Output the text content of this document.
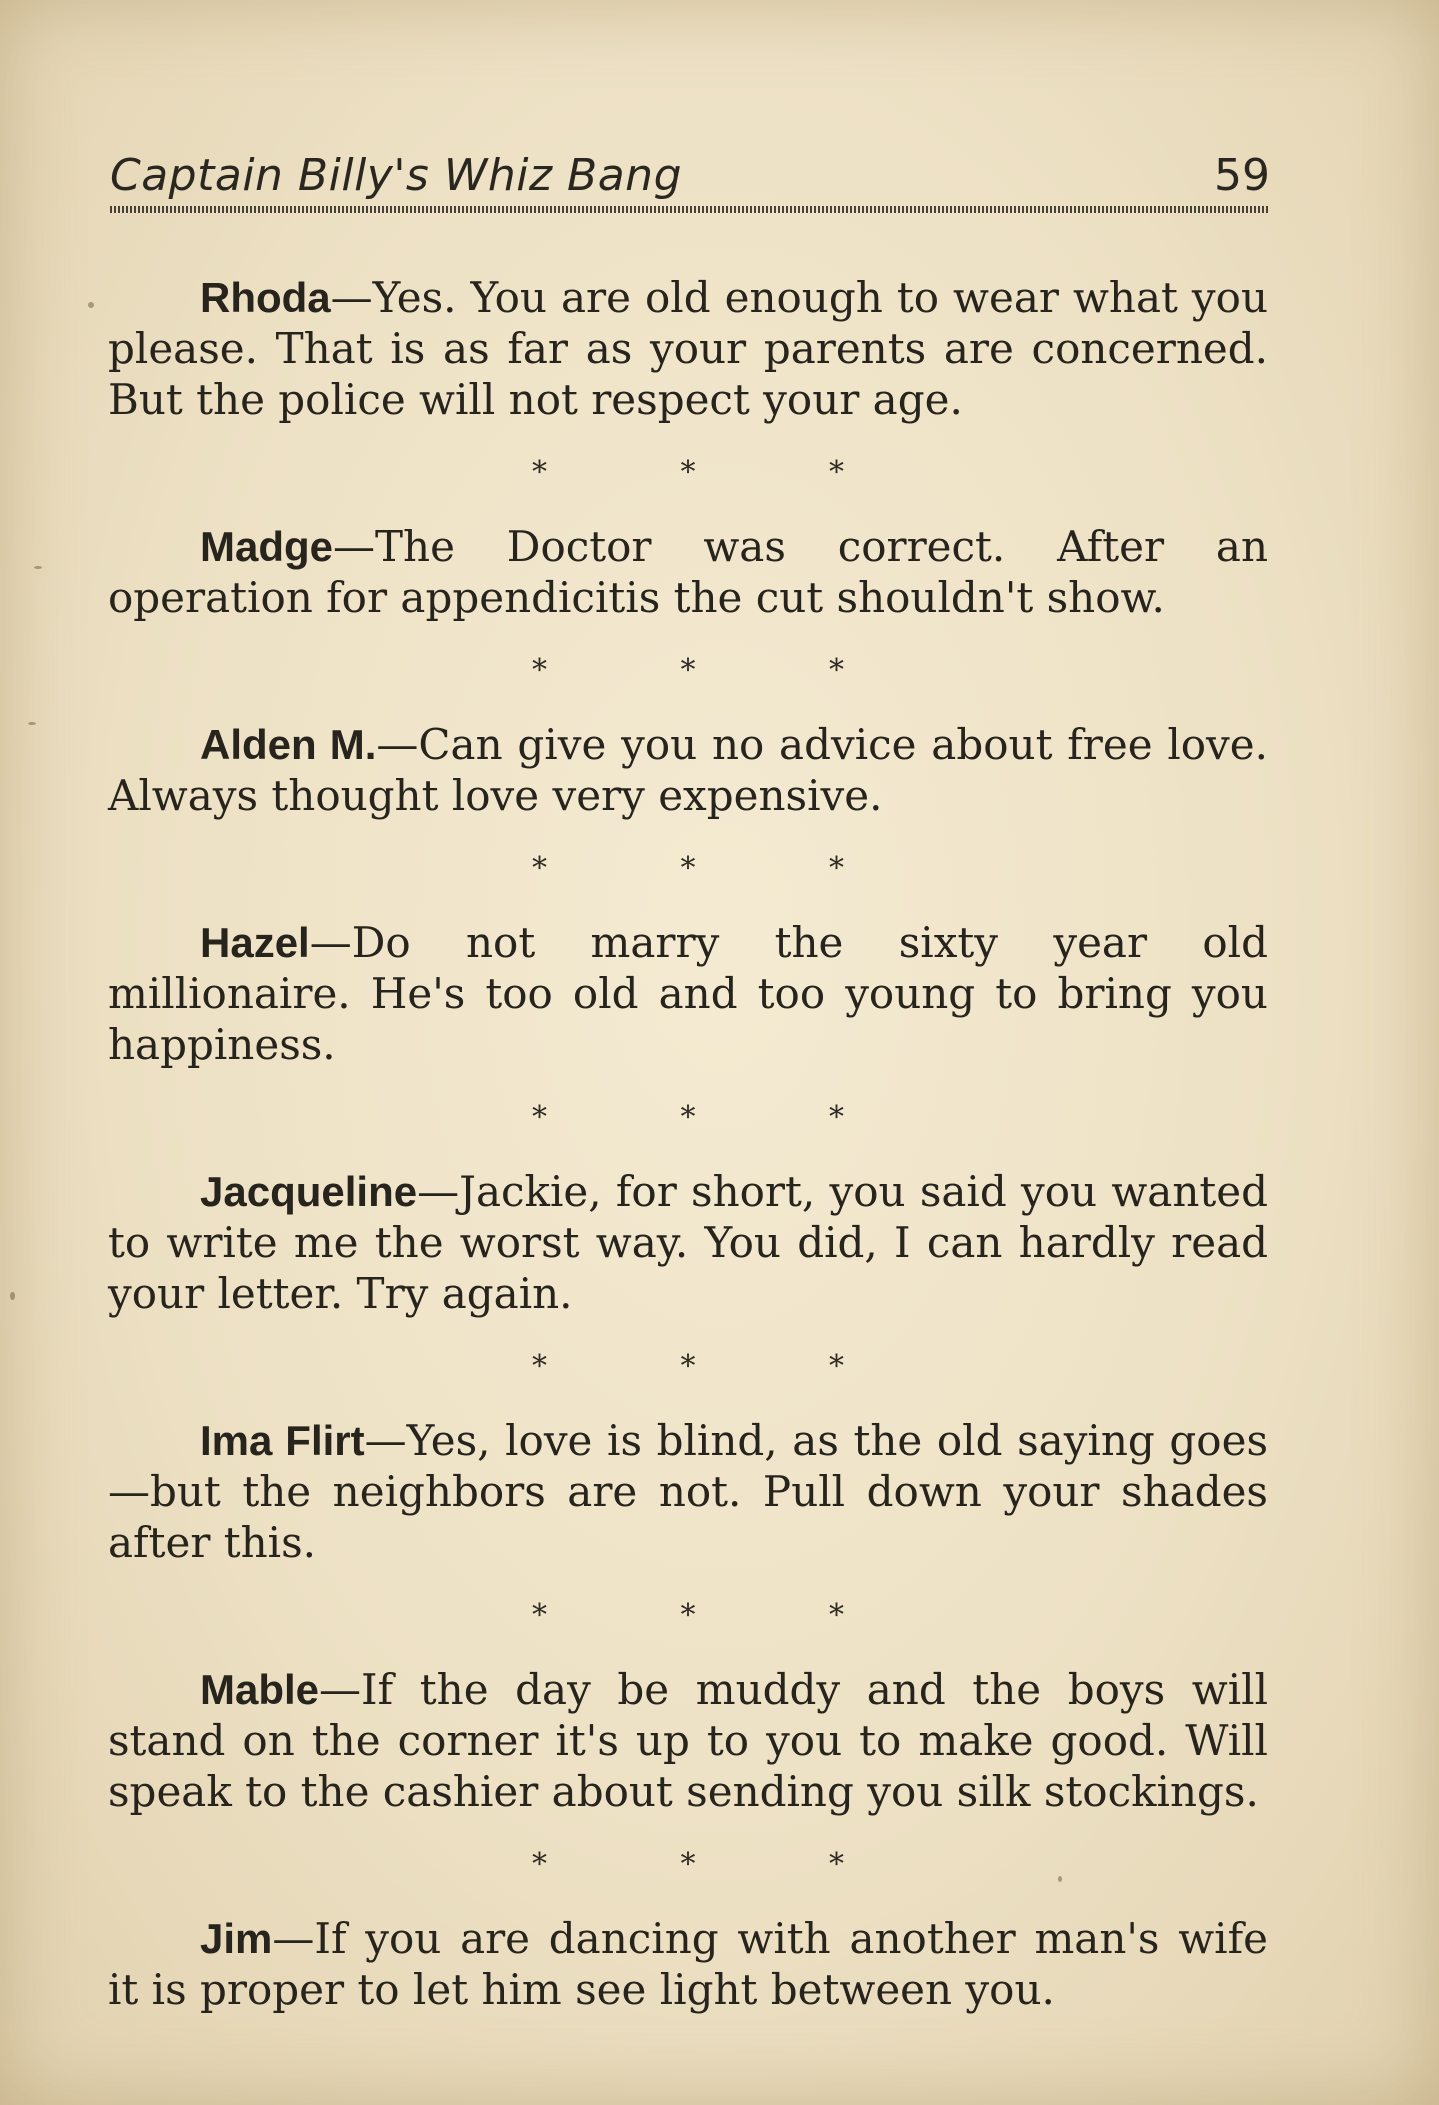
Captain Billy's Whiz Bang	59

Rhoda—Yes. You are old enough to wear what you please. That is as far as your parents are concerned. But the police will not respect your age.

* * *

Madge—The Doctor was correct. After an operation for appendicitis the cut shouldn't show.

* * *

Alden M.—Can give you no advice about free love. Always thought love very expensive.

* * *

Hazel—Do not marry the sixty year old millionaire. He's too old and too young to bring you happiness.

* * *

Jacqueline—Jackie, for short, you said you wanted to write me the worst way. You did, I can hardly read your letter. Try again.

* * *

Ima Flirt—Yes, love is blind, as the old saying goes—but the neighbors are not. Pull down your shades after this.

* * *

Mable—If the day be muddy and the boys will stand on the corner it's up to you to make good. Will speak to the cashier about sending you silk stockings.

* * *

Jim—If you are dancing with another man's wife it is proper to let him see light between you.
